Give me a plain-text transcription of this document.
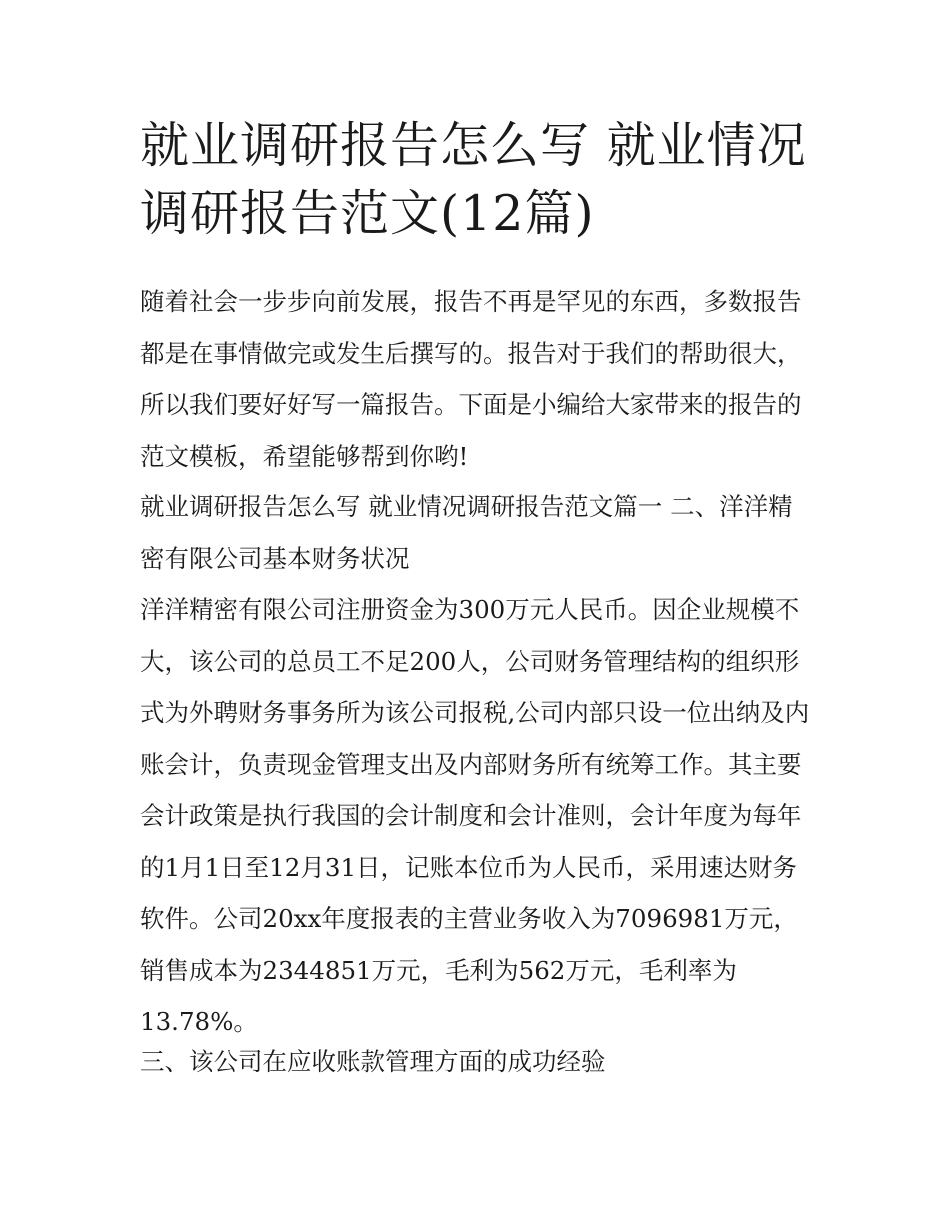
就业调研报告怎么写 就业情况调研报告范文(12篇)

随着社会一步步向前发展，报告不再是罕见的东西，多数报告都是在事情做完或发生后撰写的。报告对于我们的帮助很大，所以我们要好好写一篇报告。下面是小编给大家带来的报告的范文模板，希望能够帮到你哟!

就业调研报告怎么写 就业情况调研报告范文篇一 二、洋洋精密有限公司基本财务状况

洋洋精密有限公司注册资金为300万元人民币。因企业规模不大，该公司的总员工不足200人，公司财务管理结构的组织形式为外聘财务事务所为该公司报税,公司内部只设一位出纳及内账会计，负责现金管理支出及内部财务所有统筹工作。其主要会计政策是执行我国的会计制度和会计准则，会计年度为每年的1月1日至12月31日，记账本位币为人民币，采用速达财务软件。公司20xx年度报表的主营业务收入为7096981万元，销售成本为2344851万元，毛利为562万元，毛利率为13.78%。

三、该公司在应收账款管理方面的成功经验
